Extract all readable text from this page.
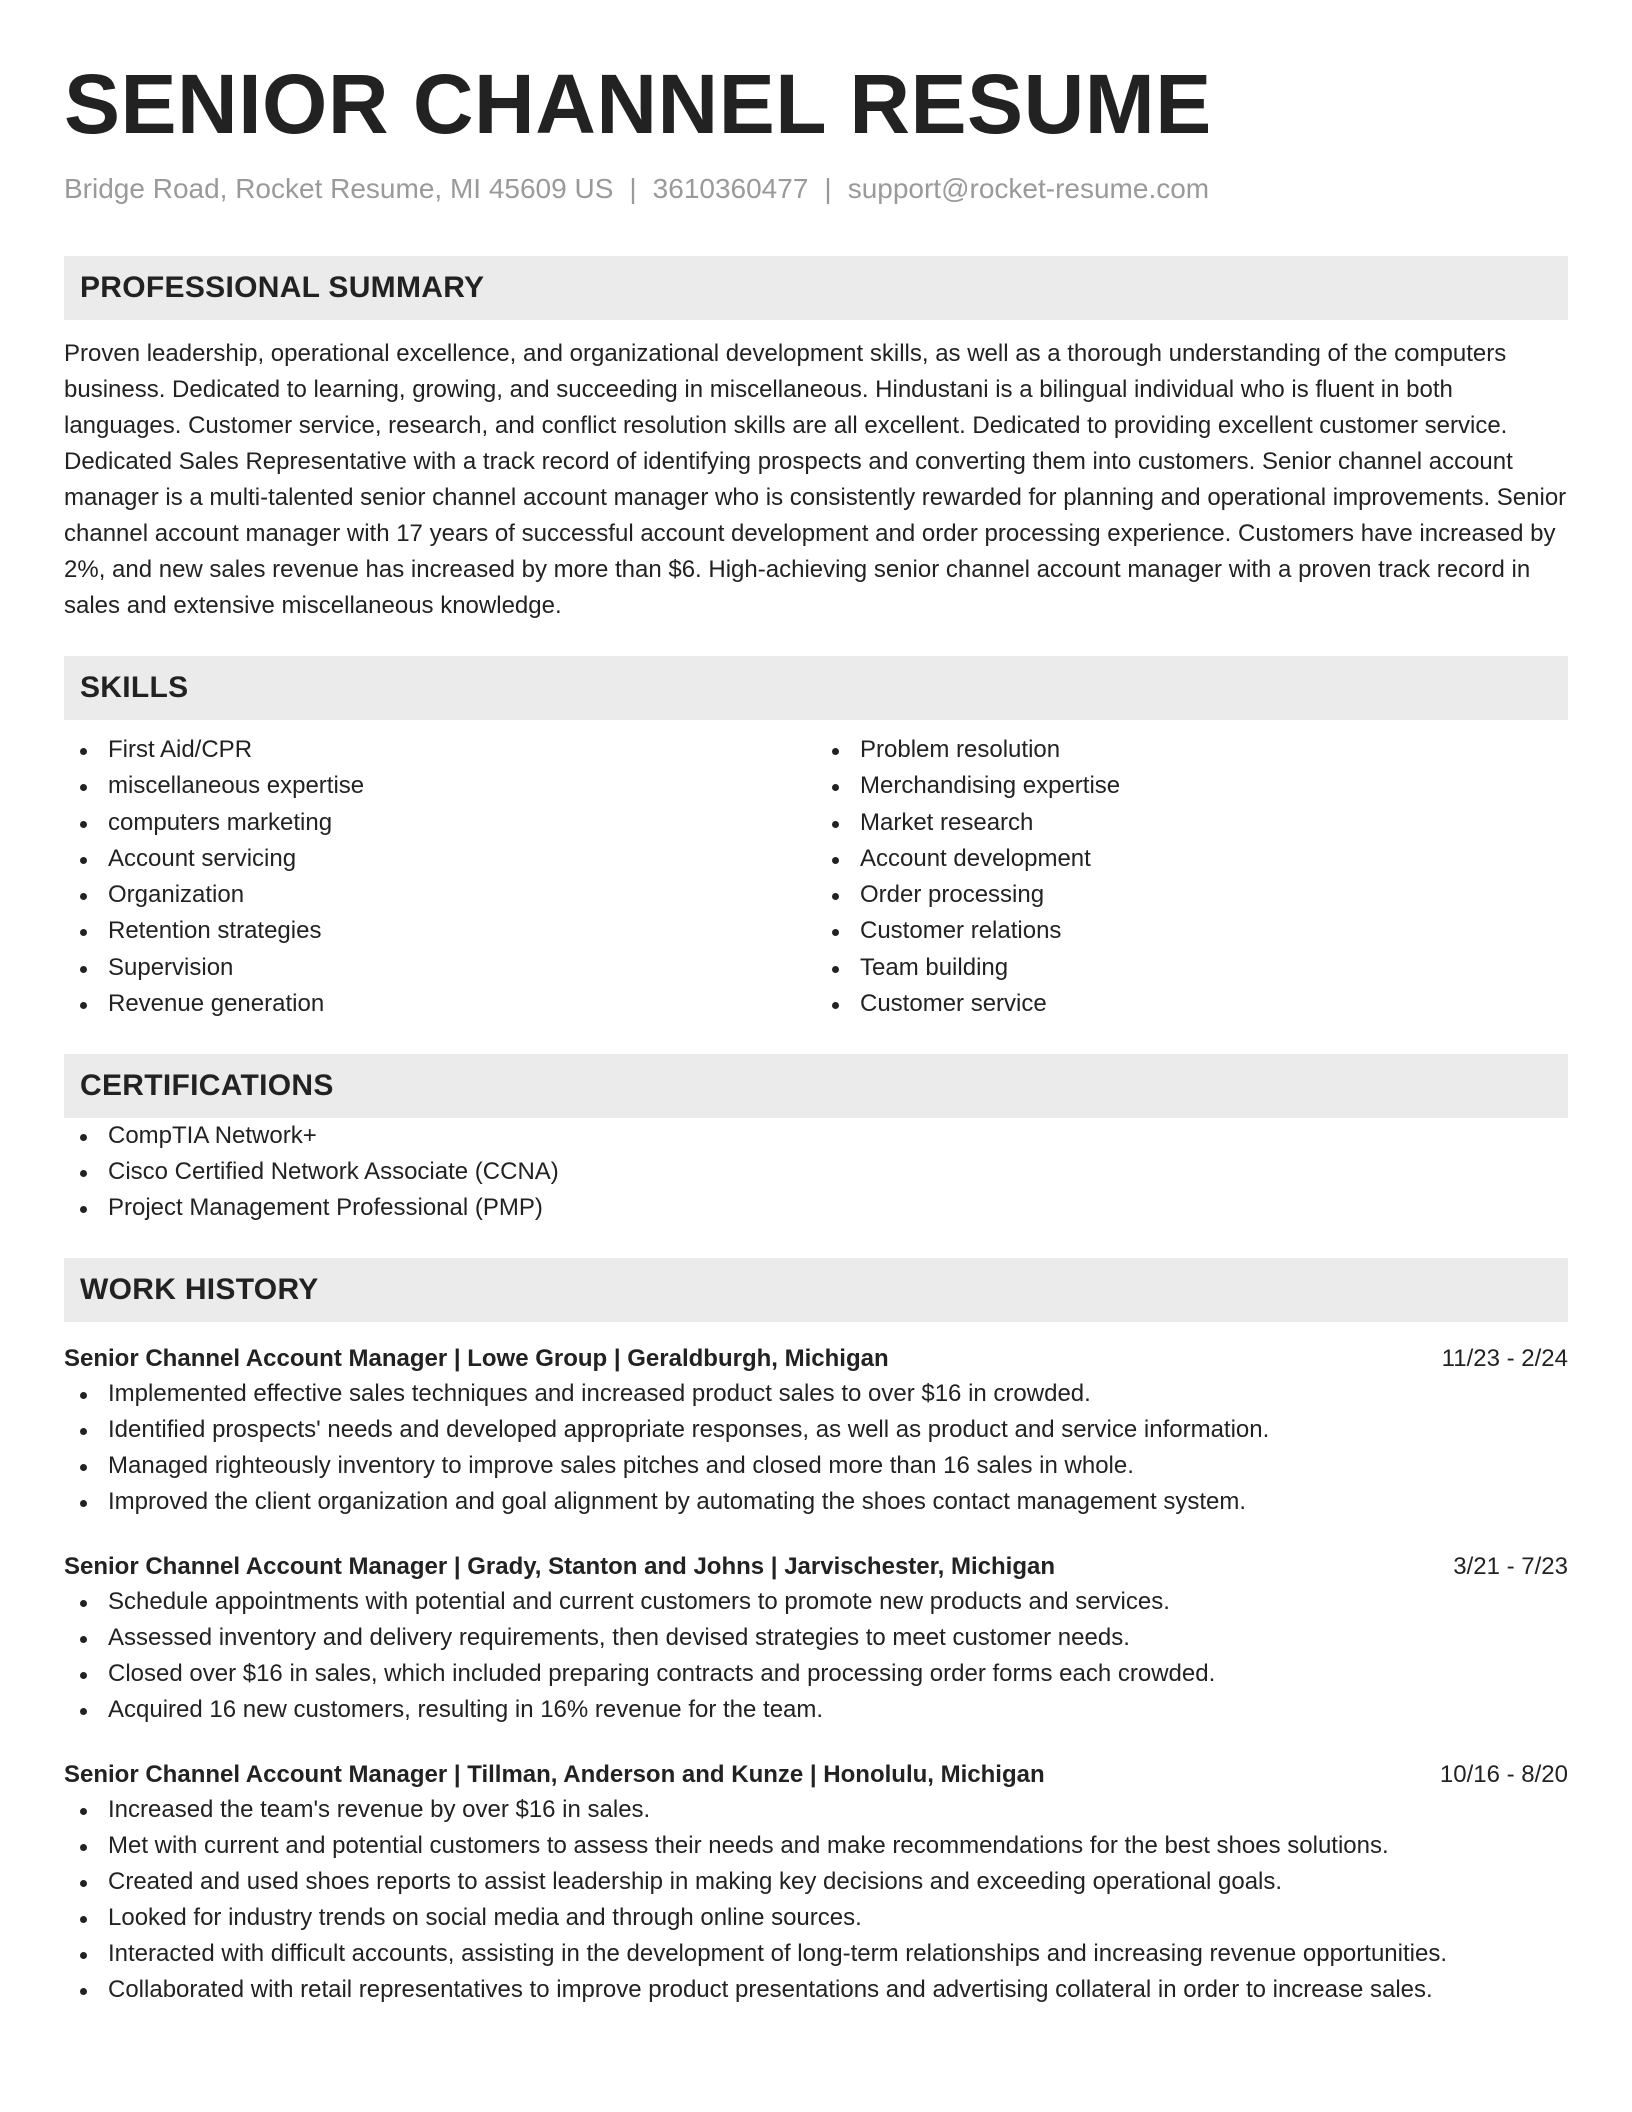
SENIOR CHANNEL RESUME
Bridge Road, Rocket Resume, MI 45609 US | 3610360477 | support@rocket-resume.com
PROFESSIONAL SUMMARY
Proven leadership, operational excellence, and organizational development skills, as well as a thorough understanding of the computers business. Dedicated to learning, growing, and succeeding in miscellaneous. Hindustani is a bilingual individual who is fluent in both languages. Customer service, research, and conflict resolution skills are all excellent. Dedicated to providing excellent customer service. Dedicated Sales Representative with a track record of identifying prospects and converting them into customers. Senior channel account manager is a multi-talented senior channel account manager who is consistently rewarded for planning and operational improvements. Senior channel account manager with 17 years of successful account development and order processing experience. Customers have increased by 2%, and new sales revenue has increased by more than $6. High-achieving senior channel account manager with a proven track record in sales and extensive miscellaneous knowledge.
SKILLS
First Aid/CPR
miscellaneous expertise
computers marketing
Account servicing
Organization
Retention strategies
Supervision
Revenue generation
Problem resolution
Merchandising expertise
Market research
Account development
Order processing
Customer relations
Team building
Customer service
CERTIFICATIONS
CompTIA Network+
Cisco Certified Network Associate (CCNA)
Project Management Professional (PMP)
WORK HISTORY
Senior Channel Account Manager | Lowe Group | Geraldburgh, Michigan	11/23 - 2/24
Implemented effective sales techniques and increased product sales to over $16 in crowded.
Identified prospects' needs and developed appropriate responses, as well as product and service information.
Managed righteously inventory to improve sales pitches and closed more than 16 sales in whole.
Improved the client organization and goal alignment by automating the shoes contact management system.
Senior Channel Account Manager | Grady, Stanton and Johns | Jarvischester, Michigan	3/21 - 7/23
Schedule appointments with potential and current customers to promote new products and services.
Assessed inventory and delivery requirements, then devised strategies to meet customer needs.
Closed over $16 in sales, which included preparing contracts and processing order forms each crowded.
Acquired 16 new customers, resulting in 16% revenue for the team.
Senior Channel Account Manager | Tillman, Anderson and Kunze | Honolulu, Michigan	10/16 - 8/20
Increased the team's revenue by over $16 in sales.
Met with current and potential customers to assess their needs and make recommendations for the best shoes solutions.
Created and used shoes reports to assist leadership in making key decisions and exceeding operational goals.
Looked for industry trends on social media and through online sources.
Interacted with difficult accounts, assisting in the development of long-term relationships and increasing revenue opportunities.
Collaborated with retail representatives to improve product presentations and advertising collateral in order to increase sales.
